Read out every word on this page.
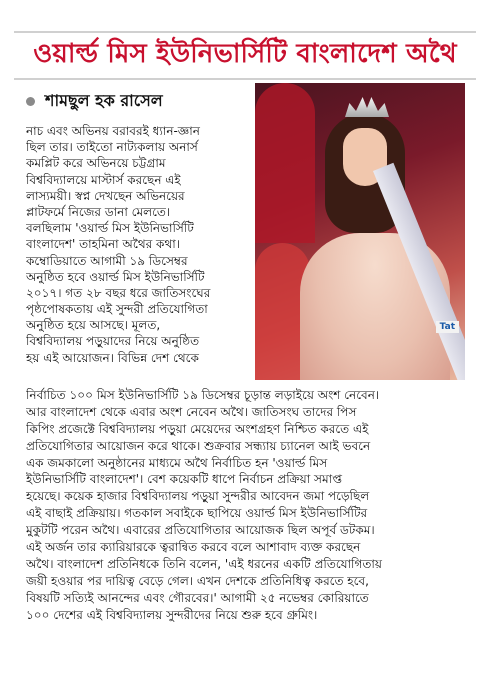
ওয়ার্ল্ড মিস ইউনিভার্সিটি বাংলাদেশ অথৈ
শামছুল হক রাসেল
নাচ এবং অভিনয় বরাবরই ধ্যান-জ্ঞান
ছিল তার। তাইতো নাট্যকলায় অনার্স
কমপ্লিট করে অভিনয়ে চট্টগ্রাম
বিশ্ববিদ্যালয়ে মাস্টার্স করছেন এই
লাস্যময়ী। স্বপ্ন দেখছেন অভিনয়ের
প্লাটফর্মে নিজের ডানা মেলতে।
বলছিলাম 'ওয়ার্ল্ড মিস ইউনিভার্সিটি
বাংলাদেশ' তাহমিনা অথৈর কথা।
কম্বোডিয়াতে আগামী ১৯ ডিসেম্বর
অনুষ্ঠিত হবে ওয়ার্ল্ড মিস ইউনিভার্সিটি
২০১৭। গত ২৮ বছর ধরে জাতিসংঘের
পৃষ্ঠপোষকতায় এই সুন্দরী প্রতিযোগিতা
অনুষ্ঠিত হয়ে আসছে। মূলত,
বিশ্ববিদ্যালয় পড়ুয়াদের নিয়ে অনুষ্ঠিত
হয় এই আয়োজন। বিভিন্ন দেশ থেকে
Tat
নির্বাচিত ১০০ মিস ইউনিভার্সিটি ১৯ ডিসেম্বর চূড়ান্ত লড়াইয়ে অংশ নেবেন।
আর বাংলাদেশ থেকে এবার অংশ নেবেন অথৈ। জাতিসংঘ তাদের পিস
কিপিং প্রজেক্টে বিশ্ববিদ্যালয় পড়ুয়া মেয়েদের অংশগ্রহণ নিশ্চিত করতে এই
প্রতিযোগিতার আয়োজন করে থাকে। শুক্রবার সন্ধ্যায় চ্যানেল আই ভবনে
এক জমকালো অনুষ্ঠানের মাধ্যমে অথৈ নির্বাচিত হন 'ওয়ার্ল্ড মিস
ইউনিভার্সিটি বাংলাদেশ'। বেশ কয়েকটি ধাপে নির্বাচন প্রক্রিয়া সমাপ্ত
হয়েছে। কয়েক হাজার বিশ্ববিদ্যালয় পড়ুয়া সুন্দরীর আবেদন জমা পড়েছিল
এই বাছাই প্রক্রিয়ায়। গতকাল সবাইকে ছাপিয়ে ওয়ার্ল্ড মিস ইউনিভার্সিটির
মুকুটটি পরেন অথৈ। এবারের প্রতিযোগিতার আয়োজক ছিল অপূর্ব ডটকম।
এই অর্জন তার ক্যারিয়ারকে ত্বরান্বিত করবে বলে আশাবাদ ব্যক্ত করছেন
অথৈ। বাংলাদেশ প্রতিনিধকে তিনি বলেন, 'এই ধরনের একটি প্রতিযোগিতায়
জয়ী হওয়ার পর দায়িত্ব বেড়ে গেল। এখন দেশকে প্রতিনিধিত্ব করতে হবে,
বিষয়টি সত্যিই আনন্দের এবং গৌরবের।' আগামী ২৫ নভেম্বর কোরিয়াতে
১০০ দেশের এই বিশ্ববিদ্যালয় সুন্দরীদের নিয়ে শুরু হবে গ্রুমিং।
